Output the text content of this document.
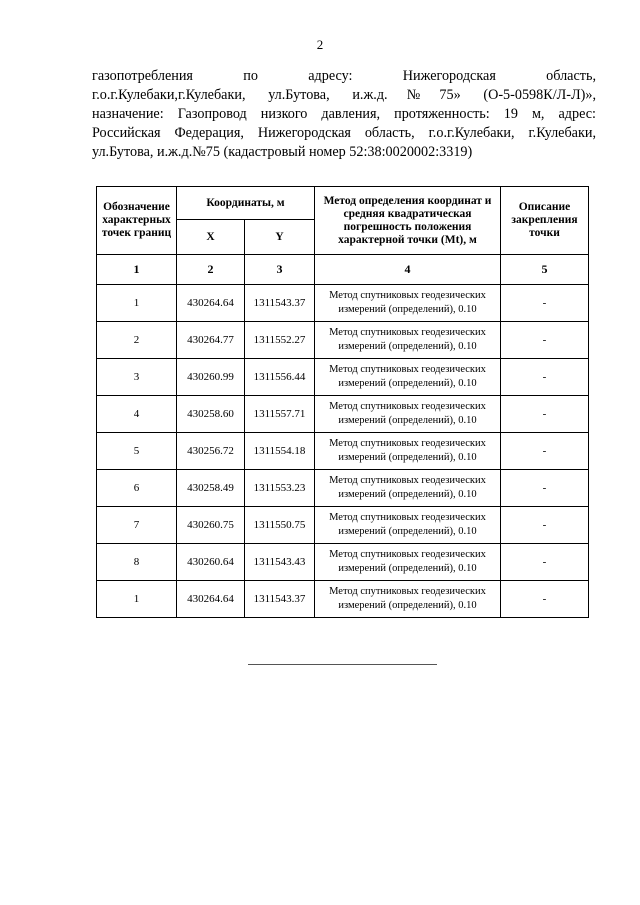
2
газопотребления по адресу: Нижегородская область,
г.о.г.Кулебаки,г.Кулебаки, ул.Бутова, и.ж.д.№75» (О-5-0598К/Л-Л)»,
назначение: Газопровод низкого давления, протяженность: 19 м, адрес:
Российская Федерация, Нижегородская область, г.о.г.Кулебаки, г.Кулебаки,
ул.Бутова, и.ж.д.№75 (кадастровый номер 52:38:0020002:3319)
Обозначение характерных точек границ	Координаты, м		Метод определения координат и средняя квадратическая погрешность положения характерной точки (Mt), м	Описание закрепления точки
	X	Y		
1	2	3	4	5
1	430264.64	1311543.37	Метод спутниковых геодезических измерений (определений), 0.10	-
2	430264.77	1311552.27	Метод спутниковых геодезических измерений (определений), 0.10	-
3	430260.99	1311556.44	Метод спутниковых геодезических измерений (определений), 0.10	-
4	430258.60	1311557.71	Метод спутниковых геодезических измерений (определений), 0.10	-
5	430256.72	1311554.18	Метод спутниковых геодезических измерений (определений), 0.10	-
6	430258.49	1311553.23	Метод спутниковых геодезических измерений (определений), 0.10	-
7	430260.75	1311550.75	Метод спутниковых геодезических измерений (определений), 0.10	-
8	430260.64	1311543.43	Метод спутниковых геодезических измерений (определений), 0.10	-
1	430264.64	1311543.37	Метод спутниковых геодезических измерений (определений), 0.10	-
